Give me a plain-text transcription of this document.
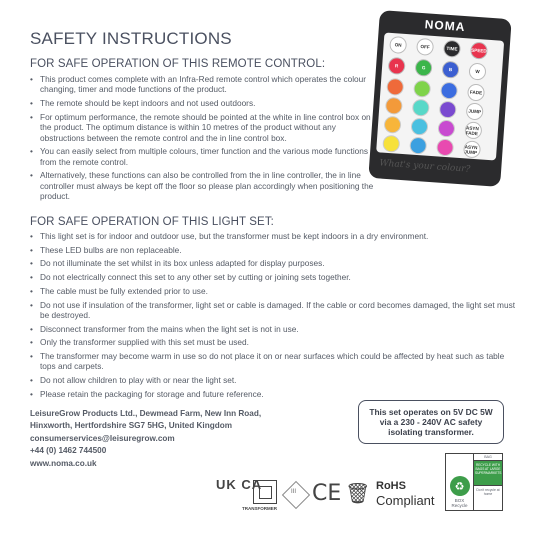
SAFETY INSTRUCTIONS
FOR SAFE OPERATION OF THIS REMOTE CONTROL:
• This product comes complete with an Infra-Red remote control which operates the colour changing, timer and mode functions of the product.
• The remote should be kept indoors and not used outdoors.
• For optimum performance, the remote should be pointed at the white in line control box on the product. The optimum distance is within 10 metres of the product without any obstructions between the remote control and the in line control box.
• You can easily select from multiple colours, timer function and the various mode functions from the remote control.
• Alternatively, these functions can also be controlled from the in line controller, the in line controller must always be kept off the floor so please plan accordingly when positioning the product.
FOR SAFE OPERATION OF THIS LIGHT SET:
• This light set is for indoor and outdoor use, but the transformer must be kept indoors in a dry environment.
• These LED bulbs are non replaceable.
• Do not illuminate the set whilst in its box unless adapted for display purposes.
• Do not electrically connect this set to any other set by cutting or joining sets together.
• The cable must be fully extended prior to use.
• Do not use if insulation of the transformer, light set or cable is damaged. If the cable or cord becomes damaged, the light set must be destroyed.
• Disconnect transformer from the mains when the light set is not in use.
• Only the transformer supplied with this set must be used.
• The transformer may become warm in use so do not place it on or near surfaces which could be affected by heat such as table tops and carpets.
• Do not allow children to play with or near the light set.
• Please retain the packaging for storage and future reference.
LeisureGrow Products Ltd., Dewmead Farm, New Inn Road,
Hinxworth, Hertfordshire SG7 5HG, United Kingdom
consumerservices@leisuregrow.com
+44 (0) 1462 744500
www.noma.co.uk
This set operates on 5V DC 5W via a 230 - 240V AC safety isolating transformer.
NOMA
ON	OFF	TIME	SPEED
R	G	B	W
FADE
JUMP
ASYN FADE
ASYN JUMP
What's your colour?
UK CA
TRANSFORMER
III CE 🗑 RoHS
Compliant
♻
BOX
Recycle
BAG
RECYCLE WITH BAGS AT LARGE SUPERMARKETS
Don't recycle at home
